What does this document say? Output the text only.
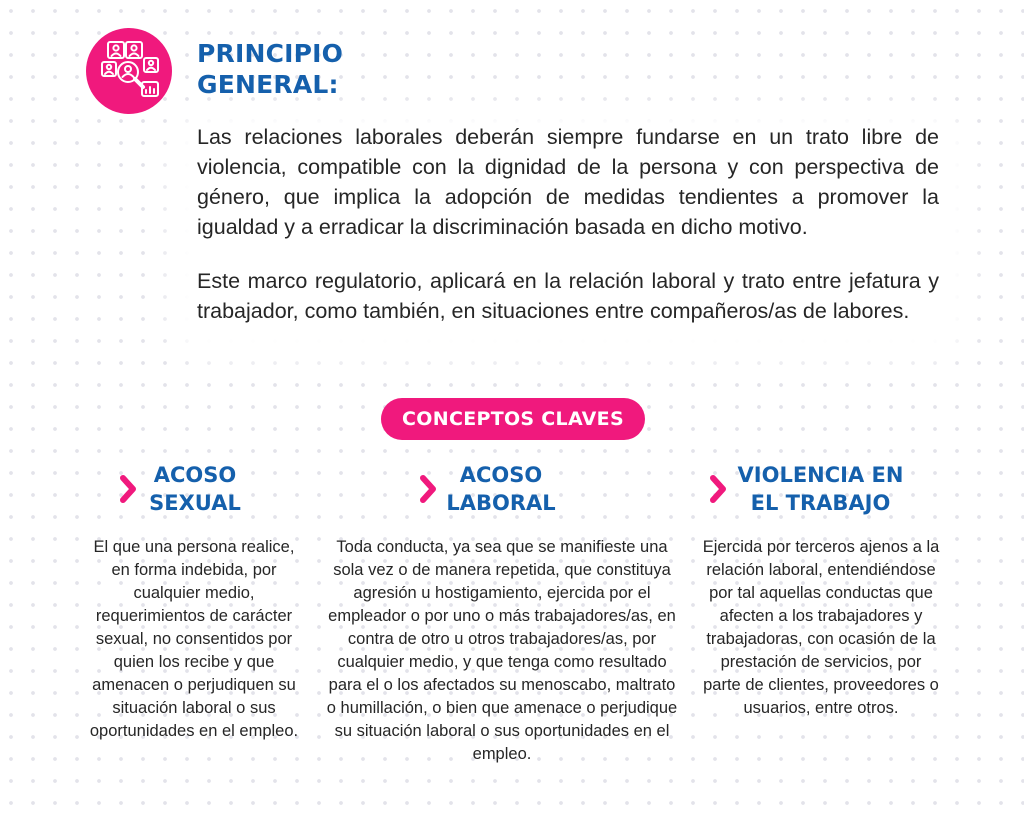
PRINCIPIO
GENERAL:

Las relaciones laborales deberán siempre fundarse en un trato libre de violencia, compatible con la dignidad de la persona y con perspectiva de género, que implica la adopción de medidas tendientes a promover la igualdad y a erradicar la discriminación basada en dicho motivo.

Este marco regulatorio, aplicará en la relación laboral y trato entre jefatura y trabajador, como también, en situaciones entre compañeros/as de labores.

CONCEPTOS CLAVES
ACOSO
SEXUAL

El que una persona realice, en forma indebida, por cualquier medio, requerimientos de carácter sexual, no consentidos por quien los recibe y que amenacen o perjudiquen su situación laboral o sus oportunidades en el empleo.

ACOSO
LABORAL

Toda conducta, ya sea que se manifieste una sola vez o de manera repetida, que constituya agresión u hostigamiento, ejercida por el empleador o por uno o más trabajadores/as, en contra de otro u otros trabajadores/as, por cualquier medio, y que tenga como resultado para el o los afectados su menoscabo, maltrato o humillación, o bien que amenace o perjudique su situación laboral o sus oportunidades en el empleo.

VIOLENCIA EN
EL TRABAJO

Ejercida por terceros ajenos a la relación laboral, entendiéndose por tal aquellas conductas que afecten a los trabajadores y trabajadoras, con ocasión de la prestación de servicios, por parte de clientes, proveedores o usuarios, entre otros.
